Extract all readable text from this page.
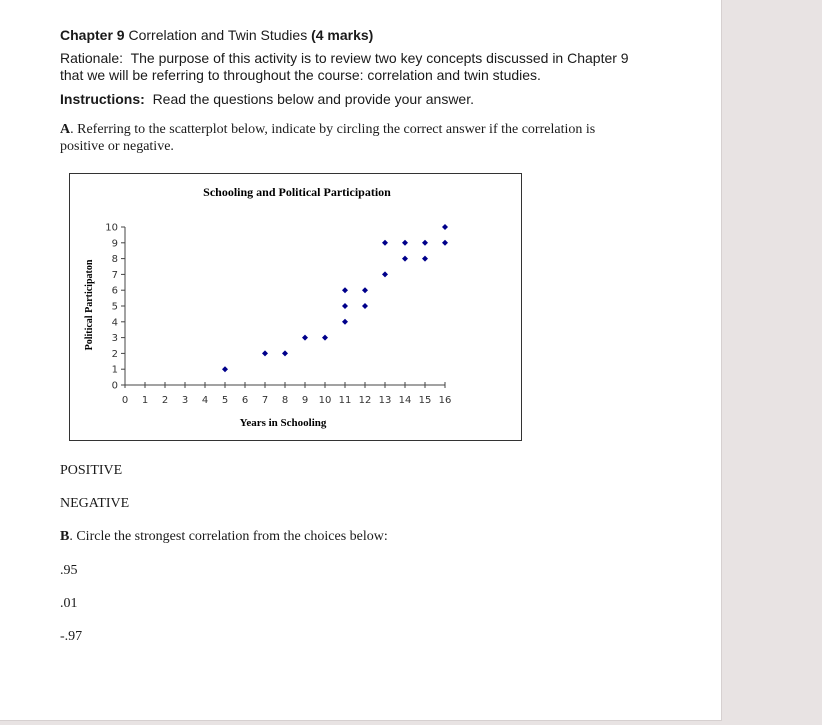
Chapter 9 Correlation and Twin Studies (4 marks)
Rationale: The purpose of this activity is to review two key concepts discussed in Chapter 9
that we will be referring to throughout the course: correlation and twin studies.
Instructions: Read the questions below and provide your answer.
A. Referring to the scatterplot below, indicate by circling the correct answer if the correlation is
positive or negative.
Schooling and Political Participation
Years in Schooling
Political Participaton
0
1
2
3
4
5
6
7
8
9
10
0 1 2 3 4 5 6 7 8 9 10 11 12 13 14 15 16
POSITIVE
NEGATIVE
B. Circle the strongest correlation from the choices below:
.95
.01
-.97
